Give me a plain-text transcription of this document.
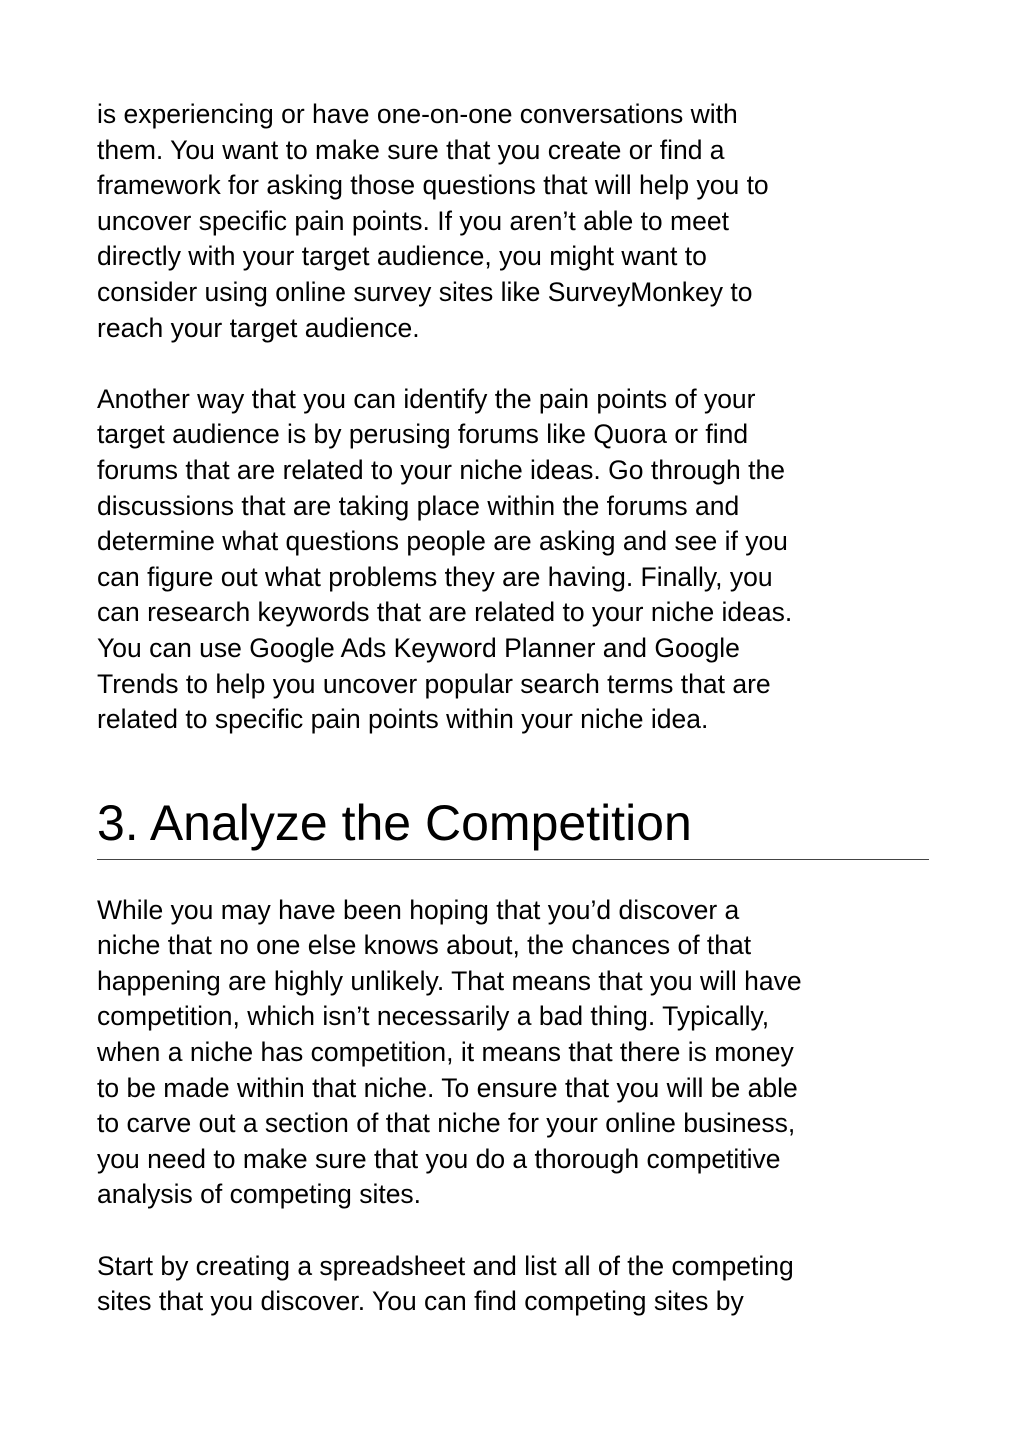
is experiencing or have one-on-one conversations with
them. You want to make sure that you create or find a
framework for asking those questions that will help you to
uncover specific pain points. If you aren’t able to meet
directly with your target audience, you might want to
consider using online survey sites like SurveyMonkey to
reach your target audience.

Another way that you can identify the pain points of your
target audience is by perusing forums like Quora or find
forums that are related to your niche ideas. Go through the
discussions that are taking place within the forums and
determine what questions people are asking and see if you
can figure out what problems they are having. Finally, you
can research keywords that are related to your niche ideas.
You can use Google Ads Keyword Planner and Google
Trends to help you uncover popular search terms that are
related to specific pain points within your niche idea.

3. Analyze the Competition

While you may have been hoping that you’d discover a
niche that no one else knows about, the chances of that
happening are highly unlikely. That means that you will have
competition, which isn’t necessarily a bad thing. Typically,
when a niche has competition, it means that there is money
to be made within that niche. To ensure that you will be able
to carve out a section of that niche for your online business,
you need to make sure that you do a thorough competitive
analysis of competing sites.

Start by creating a spreadsheet and list all of the competing
sites that you discover. You can find competing sites by
